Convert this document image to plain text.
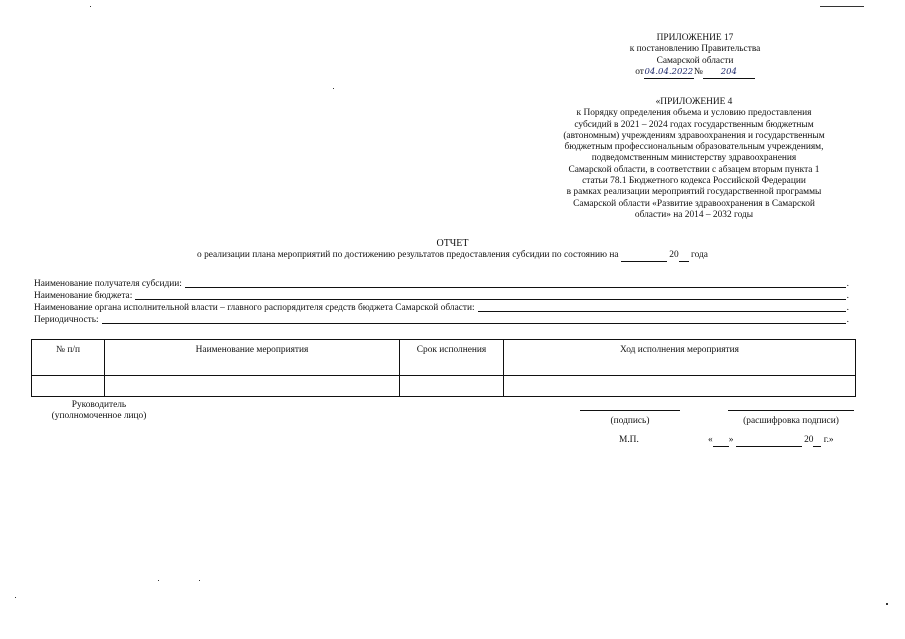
ПРИЛОЖЕНИЕ 17
к постановлению Правительства
Самарской области
от04.04.2022№ 204
«ПРИЛОЖЕНИЕ 4
к Порядку определения объема и условию предоставления
субсидий в 2021 – 2024 годах государственным бюджетным
(автономным) учреждениям здравоохранения и государственным
бюджетным профессиональным образовательным учреждениям,
подведомственным министерству здравоохранения
Самарской области, в соответствии с абзацем вторым пункта 1
статьи 78.1 Бюджетного кодекса Российской Федерации
в рамках реализации мероприятий государственной программы
Самарской области «Развитие здравоохранения в Самарской
области» на 2014 – 2032 годы
ОТЧЕТ
о реализации плана мероприятий по достижению результатов предоставления субсидии по состоянию на	20 года
Наименование получателя субсидии:	.
Наименование бюджета:	.
Наименование органа исполнительной власти – главного распорядителя средств бюджета Самарской области:	.
Периодичность:	.
№ п/п	Наименование мероприятия	Срок исполнения	Ход исполнения мероприятия

Руководитель
(уполномоченное лицо)	(подпись)	(расшифровка подписи)
М.П.	« »	20 г.»
